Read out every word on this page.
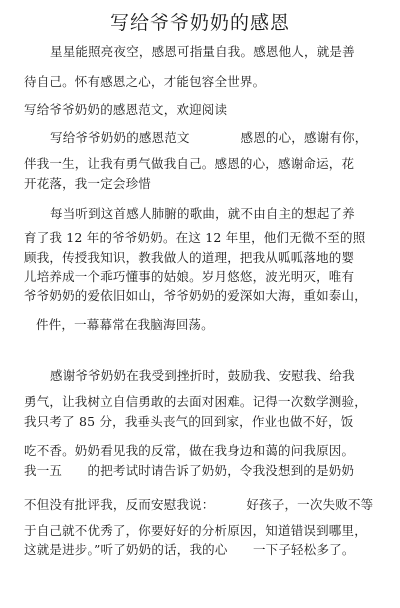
写给爷爷奶奶的感恩
星星能照亮夜空，感恩可指量自我。感恩他人，就是善
待自己。怀有感恩之心，才能包容全世界。
写给爷爷奶奶的感恩范文，欢迎阅读
写给爷爷奶奶的感恩范文　　　　感恩的心，感谢有你，
伴我一生，让我有勇气做我自己。感恩的心，感谢命运，花
开花落，我一定会珍惜
每当听到这首感人肺腑的歌曲，就不由自主的想起了养
育了我 12 年的爷爷奶奶。在这 12 年里，他们无微不至的照
顾我，传授我知识，教我做人的道理，把我从呱呱落地的婴
儿培养成一个乖巧懂事的姑娘。岁月悠悠，波光明灭，唯有
爷爷奶奶的爱依旧如山，爷爷奶奶的爱深如大海，重如泰山，
件件，一幕幕常在我脑海回荡。
感谢爷爷奶奶在我受到挫折时，鼓励我、安慰我、给我
勇气，让我树立自信勇敢的去面对困难。记得一次数学测验，
我只考了 85 分，我垂头丧气的回到家，作业也做不好，饭
吃不香。奶奶看见我的反常，做在我身边和蔼的问我原因。
我一五　　的把考试时请告诉了奶奶，令我没想到的是奶奶
不但没有批评我，反而安慰我说：　　　好孩子，一次失败不等
于自己就不优秀了，你要好好的分析原因，知道错误到哪里，
这就是进步。”听了奶奶的话，我的心　　一下子轻松多了。
